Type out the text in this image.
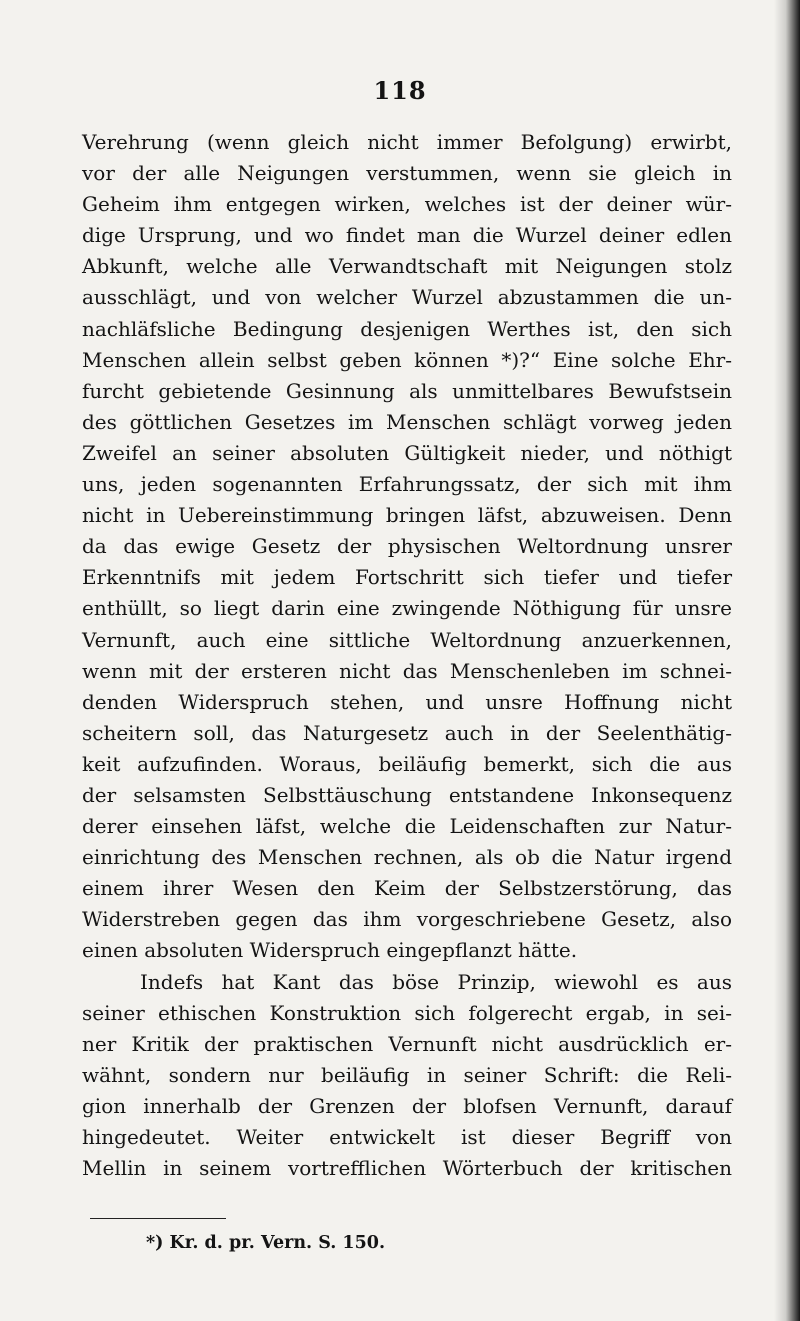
118
Verehrung (wenn gleich nicht immer Befolgung) erwirbt,
vor der alle Neigungen verstummen, wenn sie gleich in
Geheim ihm entgegen wirken, welches ist der deiner wür-
dige Ursprung, und wo findet man die Wurzel deiner edlen
Abkunft, welche alle Verwandtschaft mit Neigungen stolz
ausschlägt, und von welcher Wurzel abzustammen die un-
nachläfsliche Bedingung desjenigen Werthes ist, den sich
Menschen allein selbst geben können *)?“ Eine solche Ehr-
furcht gebietende Gesinnung als unmittelbares Bewufstsein
des göttlichen Gesetzes im Menschen schlägt vorweg jeden
Zweifel an seiner absoluten Gültigkeit nieder, und nöthigt
uns, jeden sogenannten Erfahrungssatz, der sich mit ihm
nicht in Uebereinstimmung bringen läfst, abzuweisen. Denn
da das ewige Gesetz der physischen Weltordnung unsrer
Erkenntnifs mit jedem Fortschritt sich tiefer und tiefer
enthüllt, so liegt darin eine zwingende Nöthigung für unsre
Vernunft, auch eine sittliche Weltordnung anzuerkennen,
wenn mit der ersteren nicht das Menschenleben im schnei-
denden Widerspruch stehen, und unsre Hoffnung nicht
scheitern soll, das Naturgesetz auch in der Seelenthätig-
keit aufzufinden. Woraus, beiläufig bemerkt, sich die aus
der selsamsten Selbsttäuschung entstandene Inkonsequenz
derer einsehen läfst, welche die Leidenschaften zur Natur-
einrichtung des Menschen rechnen, als ob die Natur irgend
einem ihrer Wesen den Keim der Selbstzerstörung, das
Widerstreben gegen das ihm vorgeschriebene Gesetz, also
einen absoluten Widerspruch eingepflanzt hätte.
Indefs hat Kant das böse Prinzip, wiewohl es aus
seiner ethischen Konstruktion sich folgerecht ergab, in sei-
ner Kritik der praktischen Vernunft nicht ausdrücklich er-
wähnt, sondern nur beiläufig in seiner Schrift: die Reli-
gion innerhalb der Grenzen der blofsen Vernunft, darauf
hingedeutet. Weiter entwickelt ist dieser Begriff von
Mellin in seinem vortrefflichen Wörterbuch der kritischen
*) Kr. d. pr. Vern. S. 150.
